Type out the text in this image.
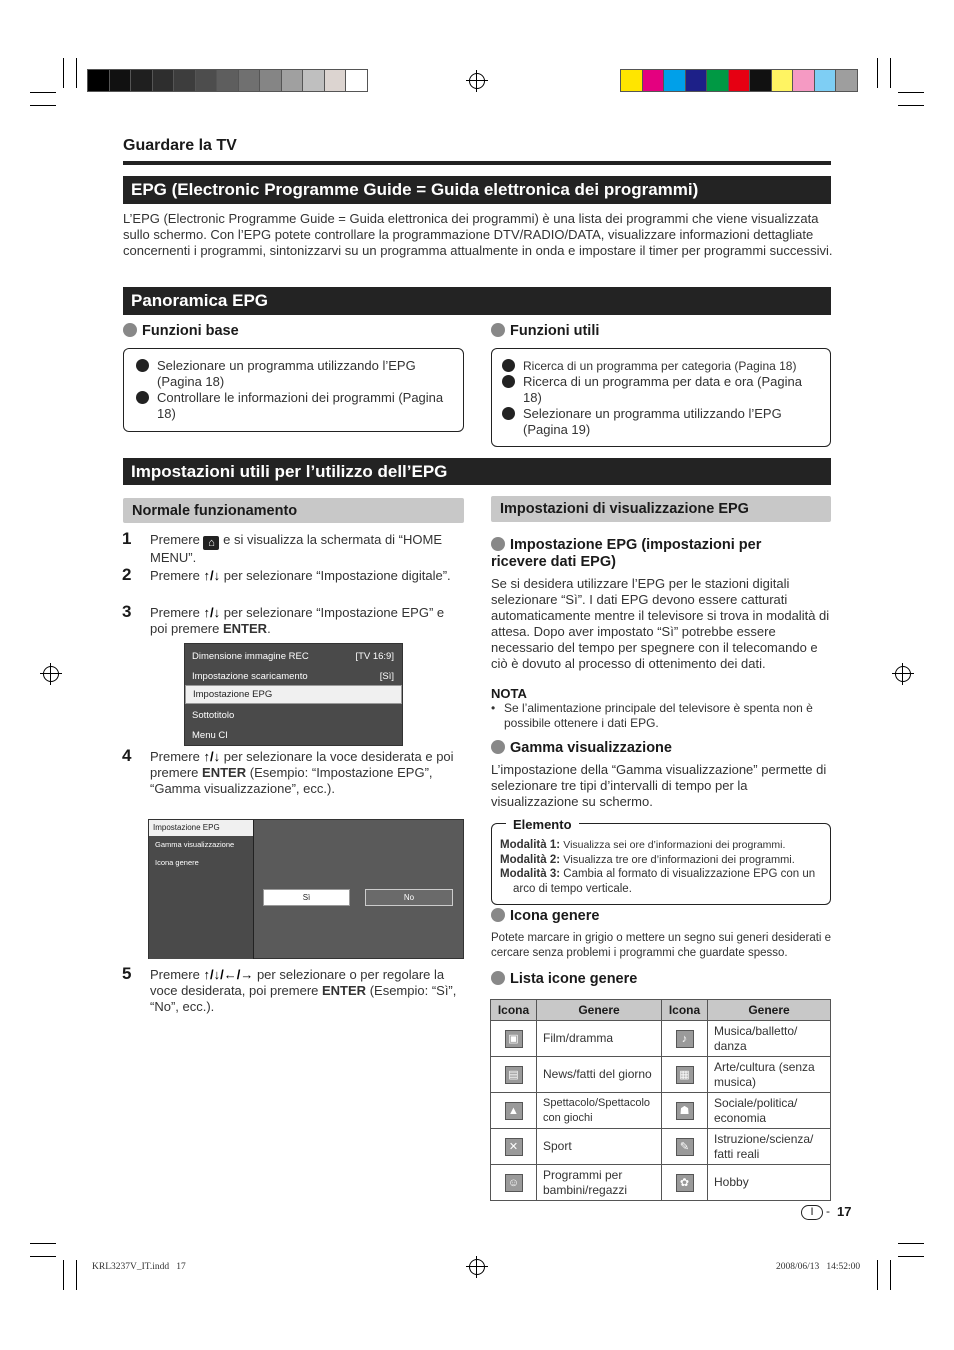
Guardare la TV
EPG (Electronic Programme Guide = Guida elettronica dei programmi)
L’EPG (Electronic Programme Guide = Guida elettronica dei programmi) è una lista dei programmi che viene visualizzata sullo schermo. Con l’EPG potete controllare la programmazione DTV/RADIO/DATA, visualizzare informazioni dettagliate concernenti i programmi, sintonizzarvi su un programma attualmente in onda e impostare il timer per programmi successivi.
Panoramica EPG
Funzioni base
Selezionare un programma utilizzando l’EPG (Pagina 18)
Controllare le informazioni dei programmi (Pagina 18)
Funzioni utili
Ricerca di un programma per categoria (Pagina 18)
Ricerca di un programma per data e ora (Pagina 18)
Selezionare un programma utilizzando l’EPG (Pagina 19)
Impostazioni utili per l’utilizzo dell’EPG
Normale funzionamento
1 Premere ⌂ e si visualizza la schermata di “HOME MENU”.
2 Premere ↑/↓ per selezionare “Impostazione digitale”.
3 Premere ↑/↓ per selezionare “Impostazione EPG” e poi premere ENTER.
Dimensione immagine REC	[TV 16:9]
Impostazione scaricamento	[Sì]
Impostazione EPG
Sottotitolo
Menu CI
4 Premere ↑/↓ per selezionare la voce desiderata e poi premere ENTER (Esempio: “Impostazione EPG”, “Gamma visualizzazione”, ecc.).
Impostazione EPG
Gamma visualizzazione
Icona genere
Sì	No
5 Premere ↑/↓/←/→ per selezionare o per regolare la voce desiderata, poi premere ENTER (Esempio: “Sì”, “No”, ecc.).
Impostazioni di visualizzazione EPG
Impostazione EPG (impostazioni per ricevere dati EPG)
Se si desidera utilizzare l’EPG per le stazioni digitali selezionare “Sì”. I dati EPG devono essere catturati automaticamente mentre il televisore si trova in modalità di attesa. Dopo aver impostato “Sì” potrebbe essere necessario del tempo per spegnere con il telecomando e ciò è dovuto al processo di ottenimento dei dati.
NOTA
• Se l’alimentazione principale del televisore è spenta non è possibile ottenere i dati EPG.
Gamma visualizzazione
L’impostazione della “Gamma visualizzazione” permette di selezionare tre tipi d’intervalli di tempo per la visualizzazione su schermo.
Elemento
Modalità 1: Visualizza sei ore d’informazioni dei programmi.
Modalità 2: Visualizza tre ore d’informazioni dei programmi.
Modalità 3: Cambia al formato di visualizzazione EPG con un arco di tempo verticale.
Icona genere
Potete marcare in grigio o mettere un segno sui generi desiderati e cercare senza problemi i programmi che guardate spesso.
Lista icone genere
Icona	Genere	Icona	Genere
▣	Film/dramma	♪	Musica/balletto/ danza
▤	News/fatti del giorno	▦	Arte/cultura (senza musica)
▲	Spettacolo/Spettacolo con giochi	☗	Sociale/politica/ economia
✕	Sport	✎	Istruzione/scienza/ fatti reali
☺	Programmi per bambini/regazzi	✿	Hobby
I	- 17
KRL3237V_IT.indd   17	2008/06/13   14:52:00
